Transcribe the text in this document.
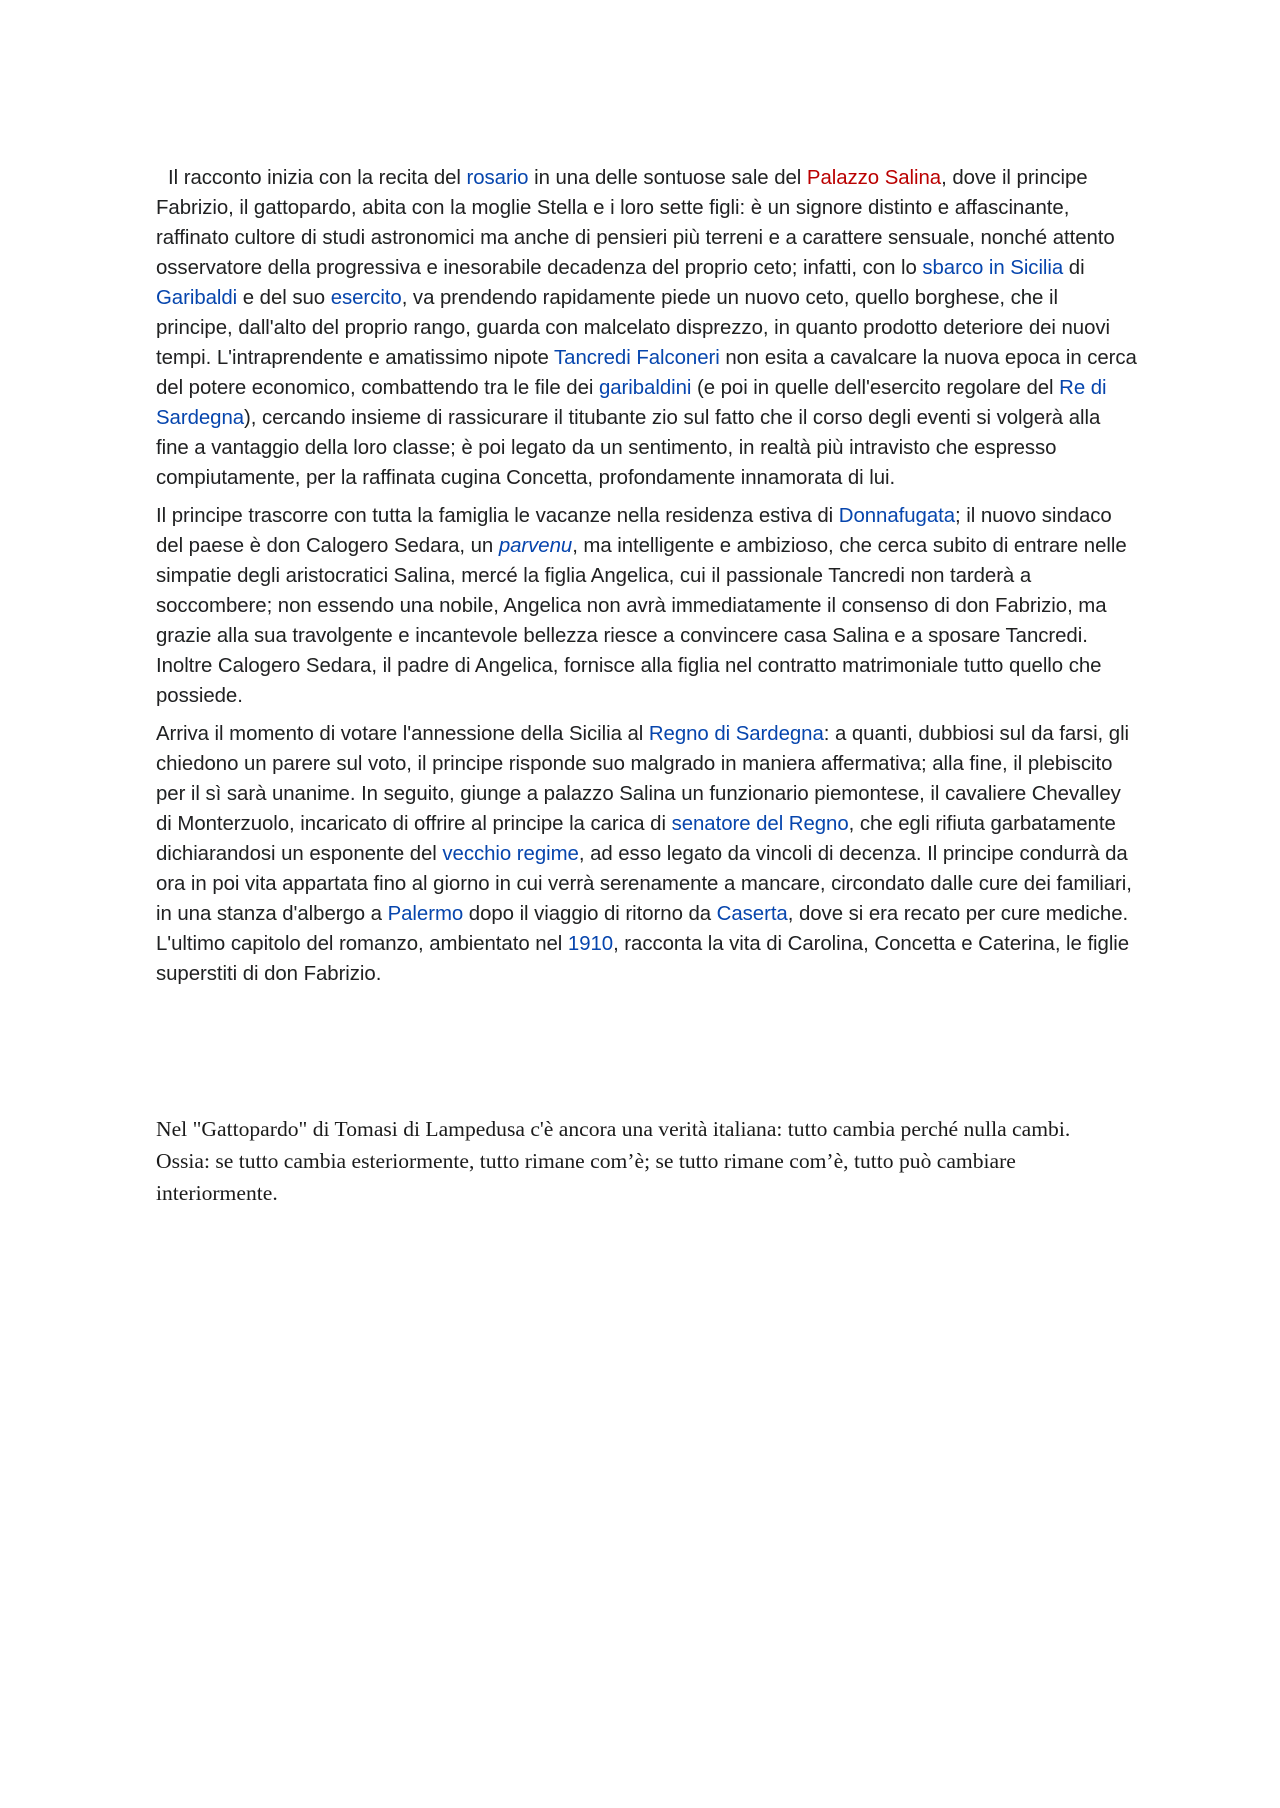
Il racconto inizia con la recita del rosario in una delle sontuose sale del Palazzo Salina, dove il principe Fabrizio, il gattopardo, abita con la moglie Stella e i loro sette figli: è un signore distinto e affascinante, raffinato cultore di studi astronomici ma anche di pensieri più terreni e a carattere sensuale, nonché attento osservatore della progressiva e inesorabile decadenza del proprio ceto; infatti, con lo sbarco in Sicilia di Garibaldi e del suo esercito, va prendendo rapidamente piede un nuovo ceto, quello borghese, che il principe, dall'alto del proprio rango, guarda con malcelato disprezzo, in quanto prodotto deteriore dei nuovi tempi. L'intraprendente e amatissimo nipote Tancredi Falconeri non esita a cavalcare la nuova epoca in cerca del potere economico, combattendo tra le file dei garibaldini (e poi in quelle dell'esercito regolare del Re di Sardegna), cercando insieme di rassicurare il titubante zio sul fatto che il corso degli eventi si volgerà alla fine a vantaggio della loro classe; è poi legato da un sentimento, in realtà più intravisto che espresso compiutamente, per la raffinata cugina Concetta, profondamente innamorata di lui.

Il principe trascorre con tutta la famiglia le vacanze nella residenza estiva di Donnafugata; il nuovo sindaco del paese è don Calogero Sedara, un parvenu, ma intelligente e ambizioso, che cerca subito di entrare nelle simpatie degli aristocratici Salina, mercé la figlia Angelica, cui il passionale Tancredi non tarderà a soccombere; non essendo una nobile, Angelica non avrà immediatamente il consenso di don Fabrizio, ma grazie alla sua travolgente e incantevole bellezza riesce a convincere casa Salina e a sposare Tancredi. Inoltre Calogero Sedara, il padre di Angelica, fornisce alla figlia nel contratto matrimoniale tutto quello che possiede.

Arriva il momento di votare l'annessione della Sicilia al Regno di Sardegna: a quanti, dubbiosi sul da farsi, gli chiedono un parere sul voto, il principe risponde suo malgrado in maniera affermativa; alla fine, il plebiscito per il sì sarà unanime. In seguito, giunge a palazzo Salina un funzionario piemontese, il cavaliere Chevalley di Monterzuolo, incaricato di offrire al principe la carica di senatore del Regno, che egli rifiuta garbatamente dichiarandosi un esponente del vecchio regime, ad esso legato da vincoli di decenza. Il principe condurrà da ora in poi vita appartata fino al giorno in cui verrà serenamente a mancare, circondato dalle cure dei familiari, in una stanza d'albergo a Palermo dopo il viaggio di ritorno da Caserta, dove si era recato per cure mediche. L'ultimo capitolo del romanzo, ambientato nel 1910, racconta la vita di Carolina, Concetta e Caterina, le figlie superstiti di don Fabrizio.

Nel "Gattopardo" di Tomasi di Lampedusa c'è ancora una verità italiana: tutto cambia perché nulla cambi. Ossia: se tutto cambia esteriormente, tutto rimane com’è; se tutto rimane com’è, tutto può cambiare interiormente.
